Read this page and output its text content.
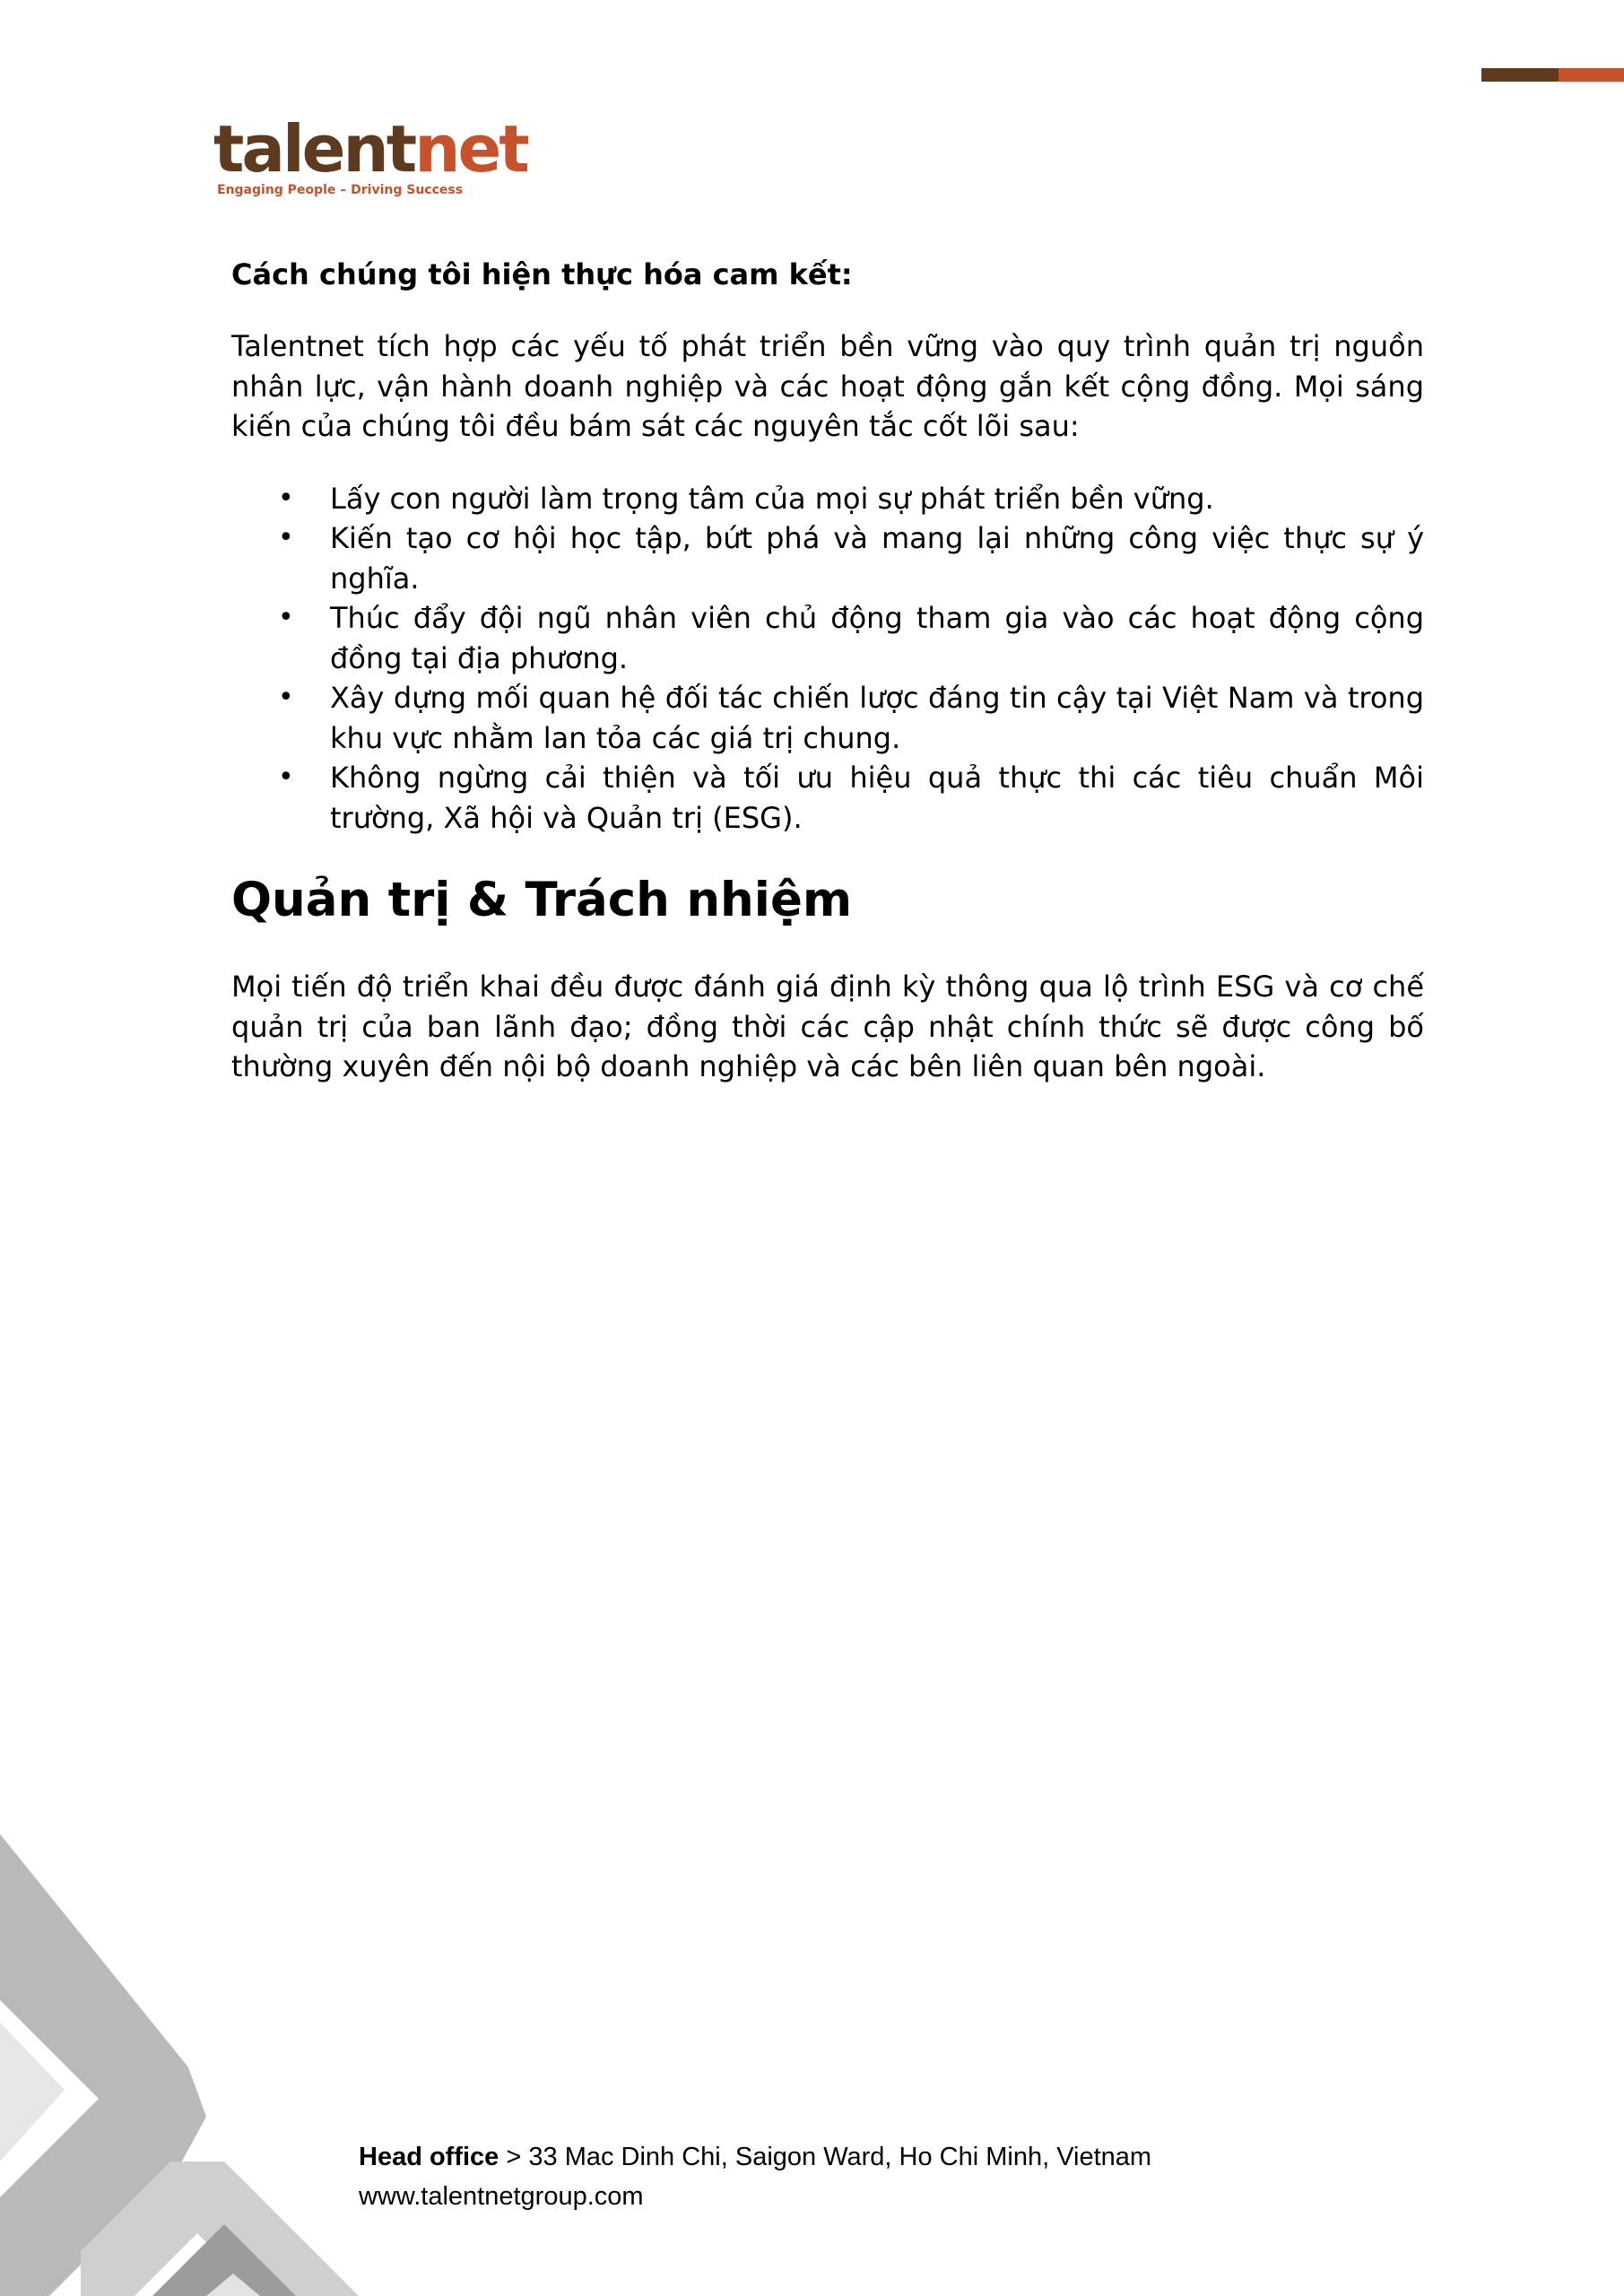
talentnet
Engaging People – Driving Success

Cách chúng tôi hiện thực hóa cam kết:

Talentnet tích hợp các yếu tố phát triển bền vững vào quy trình quản trị nguồn nhân lực, vận hành doanh nghiệp và các hoạt động gắn kết cộng đồng. Mọi sáng kiến của chúng tôi đều bám sát các nguyên tắc cốt lõi sau:

• Lấy con người làm trọng tâm của mọi sự phát triển bền vững.
• Kiến tạo cơ hội học tập, bứt phá và mang lại những công việc thực sự ý nghĩa.
• Thúc đẩy đội ngũ nhân viên chủ động tham gia vào các hoạt động cộng đồng tại địa phương.
• Xây dựng mối quan hệ đối tác chiến lược đáng tin cậy tại Việt Nam và trong khu vực nhằm lan tỏa các giá trị chung.
• Không ngừng cải thiện và tối ưu hiệu quả thực thi các tiêu chuẩn Môi trường, Xã hội và Quản trị (ESG).
Quản trị & Trách nhiệm

Mọi tiến độ triển khai đều được đánh giá định kỳ thông qua lộ trình ESG và cơ chế quản trị của ban lãnh đạo; đồng thời các cập nhật chính thức sẽ được công bố thường xuyên đến nội bộ doanh nghiệp và các bên liên quan bên ngoài.

Head office > 33 Mac Dinh Chi, Saigon Ward, Ho Chi Minh, Vietnam
www.talentnetgroup.com
